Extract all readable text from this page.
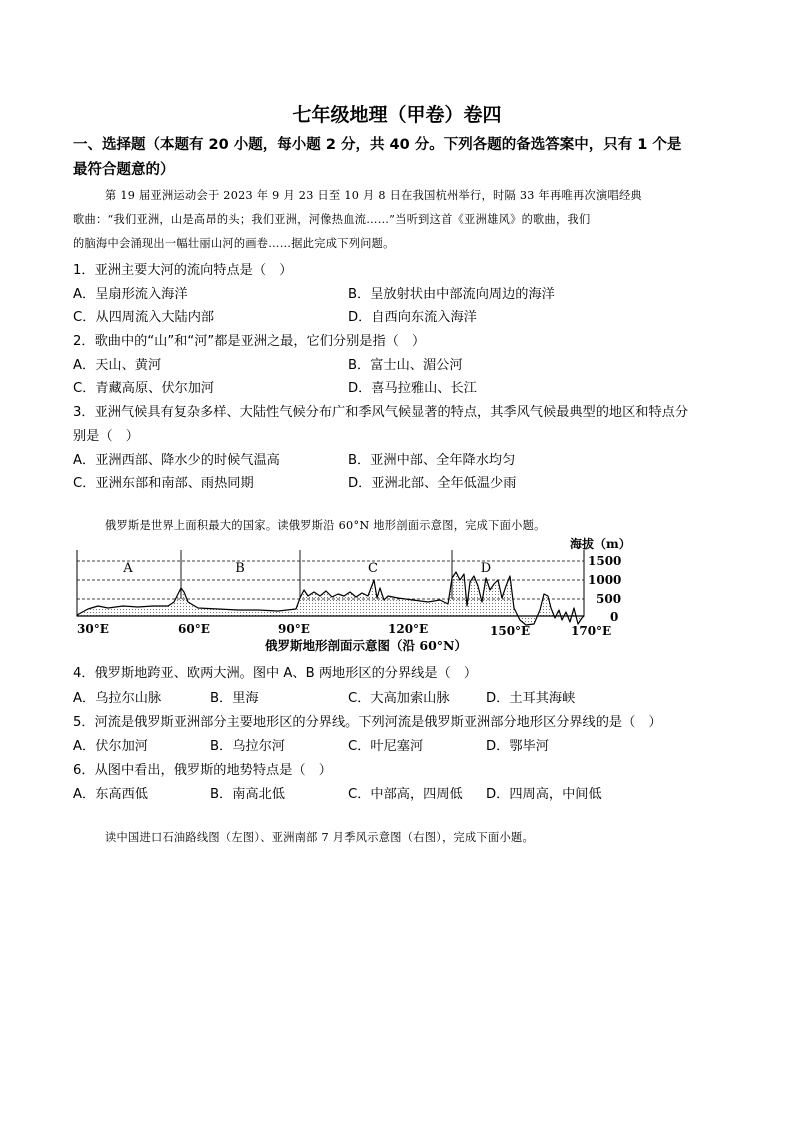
七年级地理（甲卷）卷四
一、选择题（本题有 20 小题，每小题 2 分，共 40 分。下列各题的备选答案中，只有 1 个是
最符合题意的）
第 19 届亚洲运动会于 2023 年 9 月 23 日至 10 月 8 日在我国杭州举行，时隔 33 年再唯再次演唱经典
歌曲：“我们亚洲，山是高昂的头；我们亚洲，河像热血流……”当听到这首《亚洲雄风》的歌曲，我们
的脑海中会涌现出一幅壮丽山河的画卷……据此完成下列问题。
1．亚洲主要大河的流向特点是（　）
A．呈扇形流入海洋	B．呈放射状由中部流向周边的海洋
C．从四周流入大陆内部	D．自西向东流入海洋
2．歌曲中的“山”和“河”都是亚洲之最，它们分别是指（　）
A．天山、黄河	B．富士山、湄公河
C．青藏高原、伏尔加河	D．喜马拉雅山、长江
3．亚洲气候具有复杂多样、大陆性气候分布广和季风气候显著的特点，其季风气候最典型的地区和特点分
别是（　）
A．亚洲西部、降水少的时候气温高	B．亚洲中部、全年降水均匀
C．亚洲东部和南部、雨热同期	D．亚洲北部、全年低温少雨
俄罗斯是世界上面积最大的国家。读俄罗斯沿 60°N 地形剖面示意图，完成下面小题。
A	B	C	D
海拔（m）
1500
1000
500
0
30°E	60°E	90°E	120°E	150°E	170°E
俄罗斯地形剖面示意图（沿 60°N）
4．俄罗斯地跨亚、欧两大洲。图中 A、B 两地形区的分界线是（　）
A．乌拉尔山脉	B．里海	C．大高加索山脉	D．土耳其海峡
5．河流是俄罗斯亚洲部分主要地形区的分界线。下列河流是俄罗斯亚洲部分地形区分界线的是（　）
A．伏尔加河	B．乌拉尔河	C．叶尼塞河	D．鄂毕河
6．从图中看出，俄罗斯的地势特点是（　）
A．东高西低	B．南高北低	C．中部高，四周低 D．四周高，中间低
读中国进口石油路线图（左图）、亚洲南部 7 月季风示意图（右图），完成下面小题。
